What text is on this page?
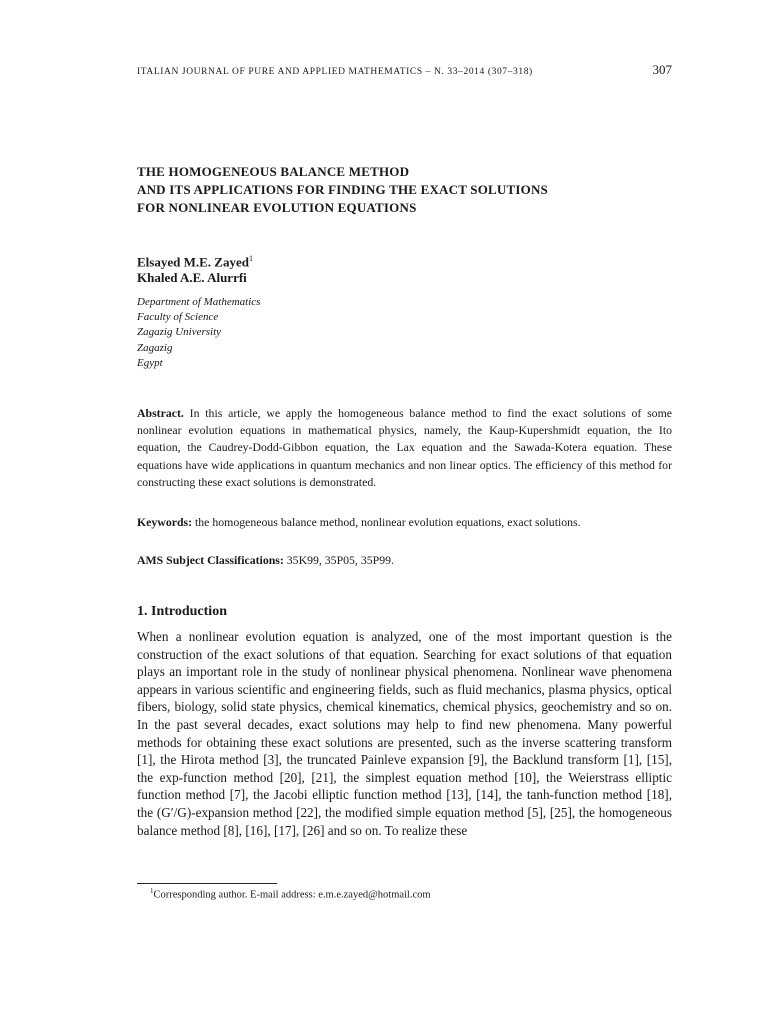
ITALIAN JOURNAL OF PURE AND APPLIED MATHEMATICS – N. 33–2014 (307–318)	307
THE HOMOGENEOUS BALANCE METHOD
AND ITS APPLICATIONS FOR FINDING THE EXACT SOLUTIONS
FOR NONLINEAR EVOLUTION EQUATIONS
Elsayed M.E. Zayed$^1$
Khaled A.E. Alurrfi
Department of Mathematics
Faculty of Science
Zagazig University
Zagazig
Egypt
Abstract. In this article, we apply the homogeneous balance method to find the exact solutions of some nonlinear evolution equations in mathematical physics, namely, the Kaup-Kupershmidt equation, the Ito equation, the Caudrey-Dodd-Gibbon equation, the Lax equation and the Sawada-Kotera equation. These equations have wide applications in quantum mechanics and non linear optics. The efficiency of this method for constructing these exact solutions is demonstrated.
Keywords: the homogeneous balance method, nonlinear evolution equations, exact solutions.
AMS Subject Classifications: 35K99, 35P05, 35P99.
1. Introduction
When a nonlinear evolution equation is analyzed, one of the most important question is the construction of the exact solutions of that equation. Searching for exact solutions of that equation plays an important role in the study of nonlinear physical phenomena. Nonlinear wave phenomena appears in various scientific and engineering fields, such as fluid mechanics, plasma physics, optical fibers, biology, solid state physics, chemical kinematics, chemical physics, geochemistry and so on. In the past several decades, exact solutions may help to find new phenomena. Many powerful methods for obtaining these exact solutions are presented, such as the inverse scattering transform [1], the Hirota method [3], the truncated Painleve expansion [9], the Backlund transform [1], [15], the exp-function method [20], [21], the simplest equation method [10], the Weierstrass elliptic function method [7], the Jacobi elliptic function method [13], [14], the tanh-function method [18], the (G′/G)-expansion method [22], the modified simple equation method [5], [25], the homogeneous balance method [8], [16], [17], [26] and so on. To realize these
$^1$Corresponding author. E-mail address: e.m.e.zayed@hotmail.com
